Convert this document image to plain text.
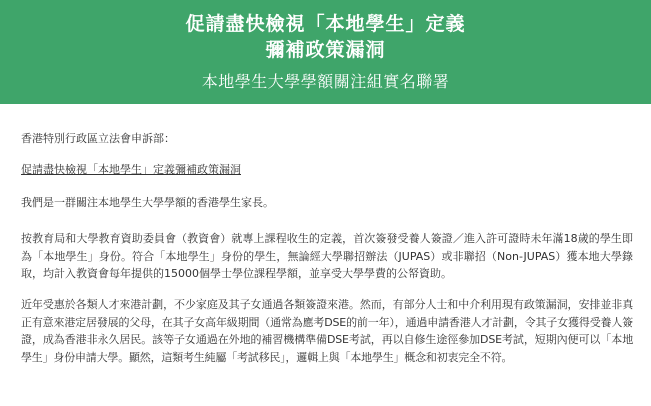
促請盡快檢視「本地學生」定義
彌補政策漏洞
本地學生大學學額關注組實名聯署

香港特別行政區立法會申訴部：

促請盡快檢視「本地學生」定義彌補政策漏洞

我們是一群關注本地學生大學學額的香港學生家長。

按教育局和大學教育資助委員會（教資會）就專上課程收生的定義，首次簽發受養人簽證／進入許可證時未年滿18歲的學生即為「本地學生」身份。符合「本地學生」身份的學生，無論經大學聯招辦法（JUPAS）或非聯招（Non-JUPAS）獲本地大學錄取，均計入教資會每年提供的15000個學士學位課程學額，並享受大學學費的公帑資助。

近年受惠於各類人才來港計劃，不少家庭及其子女通過各類簽證來港。然而，有部分人士和中介利用現有政策漏洞，安排並非真正有意來港定居發展的父母，在其子女高年級期間（通常為應考DSE的前一年），通過申請香港人才計劃，令其子女獲得受養人簽證，成為香港非永久居民。該等子女通過在外地的補習機構準備DSE考試，再以自修生途徑參加DSE考試，短期內便可以「本地學生」身份申請大學。顯然，這類考生純屬「考試移民」，邏輯上與「本地學生」概念和初衷完全不符。
